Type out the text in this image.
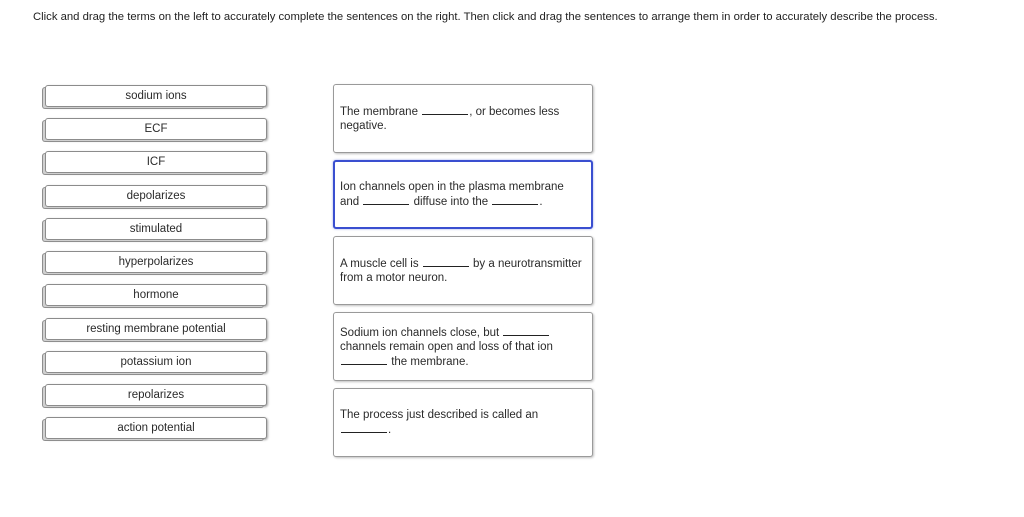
Click and drag the terms on the left to accurately complete the sentences on the right. Then click and drag the sentences to arrange them in order to accurately describe the process.
sodium ions
ECF
ICF
depolarizes
stimulated
hyperpolarizes
hormone
resting membrane potential
potassium ion
repolarizes
action potential
The membrane	, or becomes less negative.
Ion channels open in the plasma membrane and	diffuse into the	.
A muscle cell is	by a neurotransmitter from a motor neuron.
Sodium ion channels close, but  channels remain open and loss of that ion  the membrane.
The process just described is called an .
